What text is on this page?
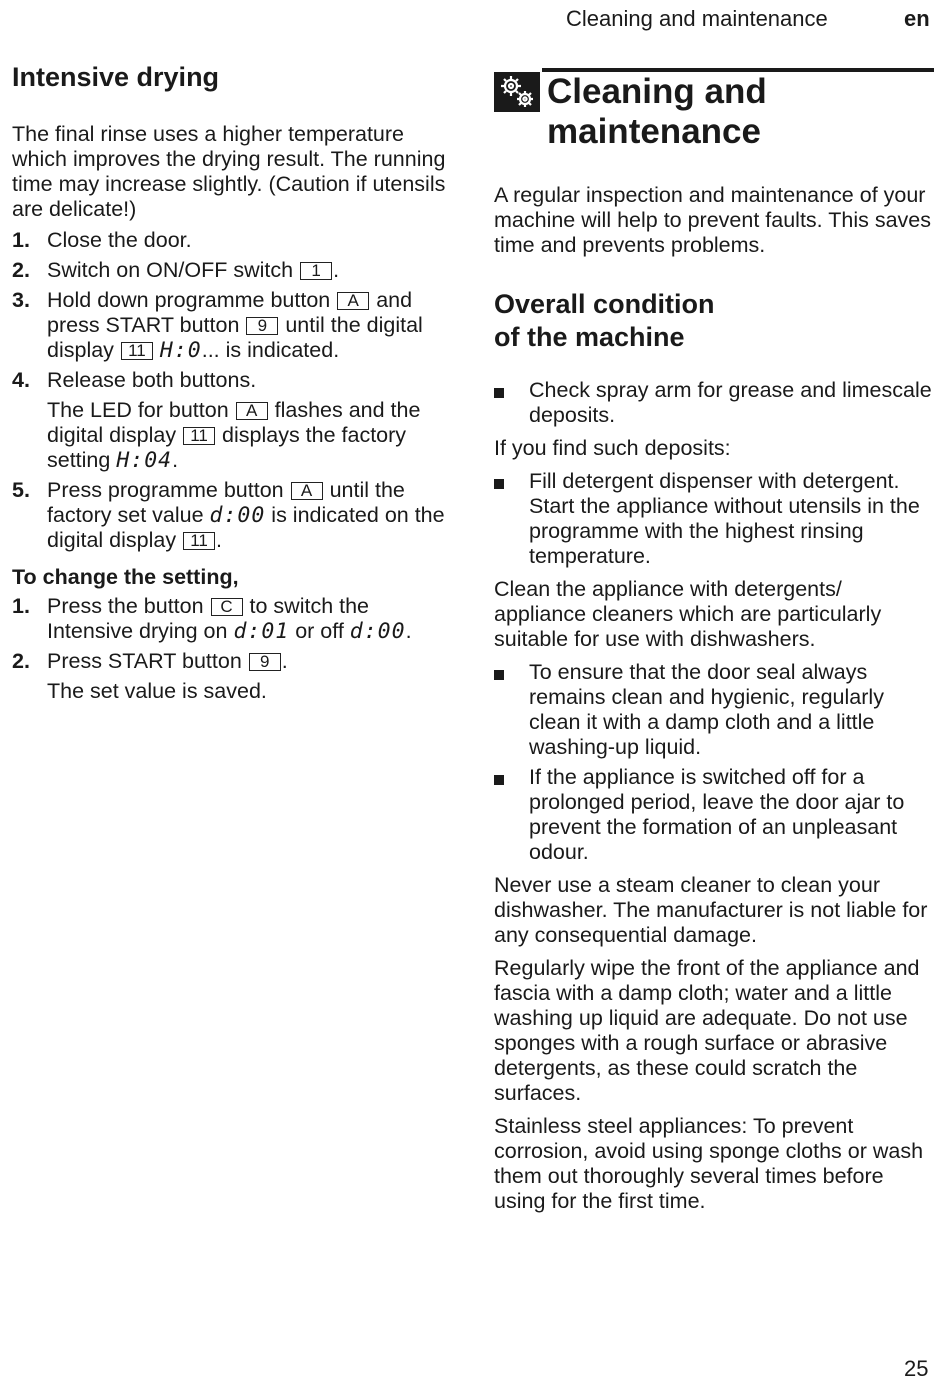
Cleaning and maintenance	en
Intensive drying

The final rinse uses a higher temperature which improves the drying result. The running time may increase slightly. (Caution if utensils are delicate!)

1. Close the door.
2. Switch on ON/OFF switch 1 .
3. Hold down programme button A and press START button 9 until the digital display 11 H:0... is indicated.
4. Release both buttons.
The LED for button A flashes and the digital display 11 displays the factory setting H:04.
5. Press programme button A until the factory set value d:00 is indicated on the digital display 11 .
To change the setting,
1. Press the button C to switch the Intensive drying on d:01 or off d:00.
2. Press START button 9 .
The set value is saved.
Cleaning and
maintenance

A regular inspection and maintenance of your machine will help to prevent faults. This saves time and prevents problems.

Overall condition
of the machine
Check spray arm for grease and limescale deposits.

If you find such deposits:

Fill detergent dispenser with detergent. Start the appliance without utensils in the programme with the highest rinsing temperature.

Clean the appliance with detergents/ appliance cleaners which are particularly suitable for use with dishwashers.

To ensure that the door seal always remains clean and hygienic, regularly clean it with a damp cloth and a little washing-up liquid.
If the appliance is switched off for a prolonged period, leave the door ajar to prevent the formation of an unpleasant odour.

Never use a steam cleaner to clean your dishwasher. The manufacturer is not liable for any consequential damage.

Regularly wipe the front of the appliance and fascia with a damp cloth; water and a little washing up liquid are adequate. Do not use sponges with a rough surface or abrasive detergents, as these could scratch the surfaces.

Stainless steel appliances: To prevent corrosion, avoid using sponge cloths or wash them out thoroughly several times before using for the first time.

25
